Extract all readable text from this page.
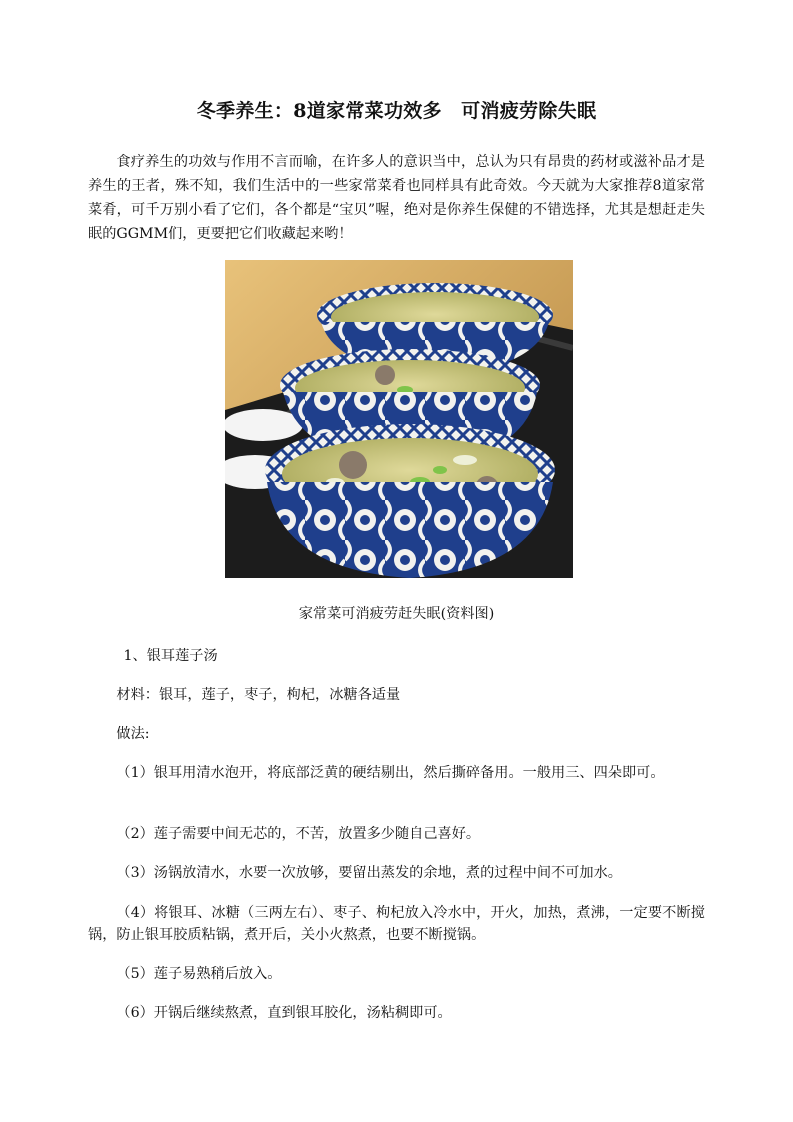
冬季养生：8道家常菜功效多　可消疲劳除失眠

食疗养生的功效与作用不言而喻，在许多人的意识当中，总认为只有昂贵的药材或滋补品才是养生的王者，殊不知，我们生活中的一些家常菜肴也同样具有此奇效。今天就为大家推荐8道家常菜肴，可千万别小看了它们，各个都是“宝贝”喔，绝对是你养生保健的不错选择，尤其是想赶走失眠的GGMM们，更要把它们收藏起来哟！

家常菜可消疲劳赶失眠(资料图)

1、银耳莲子汤

材料：银耳，莲子，枣子，枸杞，冰糖各适量

做法:

（1）银耳用清水泡开，将底部泛黄的硬结剔出，然后撕碎备用。一般用三、四朵即可。

（2）莲子需要中间无芯的，不苦，放置多少随自己喜好。

（3）汤锅放清水，水要一次放够，要留出蒸发的余地，煮的过程中间不可加水。

（4）将银耳、冰糖（三两左右）、枣子、枸杞放入冷水中，开火，加热，煮沸，一定要不断搅锅，防止银耳胶质粘锅，煮开后，关小火熬煮，也要不断搅锅。

（5）莲子易熟稍后放入。

（6）开锅后继续熬煮，直到银耳胶化，汤粘稠即可。
